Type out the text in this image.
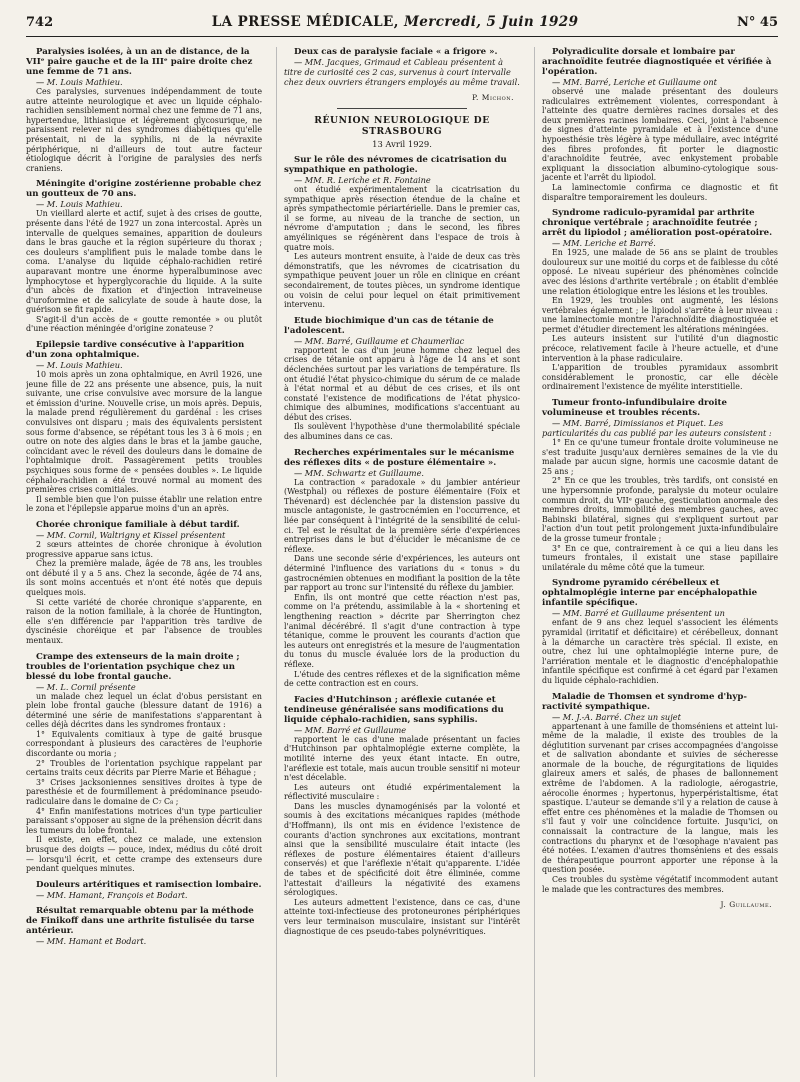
742	LA PRESSE MÉDICALE, Mercredi, 5 Juin 1929	N° 45

Paralysies isolées, à un an de distance, de la VIIᵉ paire gauche et de la IIIᵉ paire droite chez une femme de 71 ans.

— M. Louis Mathieu.

Ces paralysies, survenues indépendamment de toute autre atteinte neurologique et avec un liquide céphalo-rachidien sensiblement normal chez une femme de 71 ans, hypertendue, lithiasique et légèrement glycosurique, ne paraissent relever ni des syndromes diabétiques qu'elle présentait, ni de la syphilis, ni de la névraxite périphérique, ni d'ailleurs de tout autre facteur étiologique décrit à l'origine de paralysies des nerfs craniens.

Méningite d'origine zostérienne probable chez un goutteux de 70 ans.

— M. Louis Mathieu.

Un vieillard alerte et actif, sujet à des crises de goutte, présente dans l'été de 1927 un zona intercostal. Après un intervalle de quelques semaines, apparition de douleurs dans le bras gauche et la région supérieure du thorax ; ces douleurs s'amplifient puis le malade tombe dans le coma. L'analyse du liquide céphalo-rachidien retiré auparavant montre une énorme hyperalbuminose avec lymphocytose et hyperglycorachie du liquide. A la suite d'un abcès de fixation et d'injection intraveineuse d'uroformine et de salicylate de soude à haute dose, la guérison se fit rapide.

S'agit-il d'un accès de « goutte remontée » ou plutôt d'une réaction méningée d'origine zonateuse ?

Epilepsie tardive consécutive à l'apparition d'un zona ophtalmique.

— M. Louis Mathieu.

10 mois après un zona ophtalmique, en Avril 1926, une jeune fille de 22 ans présente une absence, puis, la nuit suivante, une crise convulsive avec morsure de la langue et émission d'urine. Nouvelle crise, un mois après. Depuis, la malade prend régulièrement du gardénal : les crises convulsives ont disparu ; mais des équivalents persistent sous forme d'absence, se répétant tous les 3 à 6 mois ; en outre on note des algies dans le bras et la jambe gauche, coïncidant avec le réveil des douleurs dans le domaine de l'ophtalmique droit. Passagèrement petits troubles psychiques sous forme de « pensées doubles ». Le liquide céphalo-rachidien a été trouvé normal au moment des premières crises comitiales.

Il semble bien que l'on puisse établir une relation entre le zona et l'épilepsie apparue moins d'un an après.

Chorée chronique familiale à début tardif.

— MM. Cornil, Waltrigny et Kissel présentent

2 sœurs atteintes de chorée chronique à évolution progressive apparue sans ictus.

Chez la première malade, âgée de 78 ans, les troubles ont débuté il y a 5 ans. Chez la seconde, âgée de 74 ans, ils sont moins accentués et n'ont été notés que depuis quelques mois.

Si cette variété de chorée chronique s'apparente, en raison de la notion familiale, à la chorée de Huntington, elle s'en différencie par l'apparition très tardive de dyscinésie choréique et par l'absence de troubles mentaux.

Crampe des extenseurs de la main droite ; troubles de l'orientation psychique chez un blessé du lobe frontal gauche.

— M. L. Cornil présente

un malade chez lequel un éclat d'obus persistant en plein lobe frontal gauche (blessure datant de 1916) a déterminé une série de manifestations s'apparentant à celles déjà décrites dans les syndromes frontaux :

1° Equivalents comitiaux à type de gaité brusque correspondant à plusieurs des caractères de l'euphorie discordante ou moria ;

2° Troubles de l'orientation psychique rappelant par certains traits ceux décrits par Pierre Marie et Béhague ;

3° Crises jacksoniennes sensitives droites à type de paresthésie et de fourmillement à prédominance pseudo-radiculaire dans le domaine de C₇ C₈ ;

4° Enfin manifestations motrices d'un type particulier paraissant s'opposer au signe de la préhension décrit dans les tumeurs du lobe frontal.

Il existe, en effet, chez ce malade, une extension brusque des doigts — pouce, index, médius du côté droit — lorsqu'il écrit, et cette crampe des extenseurs dure pendant quelques minutes.

Douleurs artéritiques et ramisection lombaire.

— MM. Hamant, François et Bodart.

Résultat remarquable obtenu par la méthode de Finikoff dans une arthrite fistulisée du tarse antérieur.

— MM. Hamant et Bodart.

Deux cas de paralysie faciale « a frigore ».

— MM. Jacques, Grimaud et Cableau présentent à titre de curiosité ces 2 cas, survenus à court intervalle chez deux ouvriers étrangers employés au même travail.

P. Michon.

RÉUNION NEUROLOGIQUE DE STRASBOURG

13 Avril 1929.

Sur le rôle des névromes de cicatrisation du sympathique en pathologie.

— MM. R. Leriche et R. Fontaine

ont étudié expérimentalement la cicatrisation du sympathique après résection étendue de la chaîne et après sympathectomie périartérielle. Dans le premier cas, il se forme, au niveau de la tranche de section, un névrome d'amputation ; dans le second, les fibres amyéliniques se régénèrent dans l'espace de trois à quatre mois.

Les auteurs montrent ensuite, à l'aide de deux cas très démonstratifs, que les névromes de cicatrisation du sympathique peuvent jouer un rôle en clinique en créant secondairement, de toutes pièces, un syndrome identique ou voisin de celui pour lequel on était primitivement intervenu.

Etude biochimique d'un cas de tétanie de l'adolescent.

— MM. Barré, Guillaume et Chaumerliac

rapportent le cas d'un jeune homme chez lequel des crises de tétanie ont apparu à l'âge de 14 ans et sont déclenchées surtout par les variations de température. Ils ont étudié l'état physico-chimique du sérum de ce malade à l'état normal et au début de ces crises, et ils ont constaté l'existence de modifications de l'état physico-chimique des albumines, modifications s'accentuant au début des crises.

Ils soulèvent l'hypothèse d'une thermolabilité spéciale des albumines dans ce cas.

Recherches expérimentales sur le mécanisme des réflexes dits « de posture élémentaire ».

— MM. Schwartz et Guillaume.

La contraction « paradoxale » du jambier antérieur (Westphal) ou réflexes de posture élémentaire (Foix et Thévenard) est déclenchée par la distension passive du muscle antagoniste, le gastrocnémien en l'occurrence, et liée par conséquent à l'intégrité de la sensibilité de celui-ci. Tel est le résultat de la première série d'expériences entreprises dans le but d'élucider le mécanisme de ce réflexe.

Dans une seconde série d'expériences, les auteurs ont déterminé l'influence des variations du « tonus » du gastrocnémien obtenues en modifiant la position de la tête par rapport au tronc sur l'intensité du réflexe du jambier.

Enfin, ils ont montré que cette réaction n'est pas, comme on l'a prétendu, assimilable à la « shortening et lengthening reaction » décrite par Sherrington chez l'animal décérébré. Il s'agit d'une contraction à type tétanique, comme le prouvent les courants d'action que les auteurs ont enregistrés et la mesure de l'augmentation du tonus du muscle évaluée lors de la production du réflexe.

L'étude des centres réflexes et de la signification même de cette contraction est en cours.

Facies d'Hutchinson ; aréflexie cutanée et tendineuse généralisée sans modifications du liquide céphalo-rachidien, sans syphilis.

— MM. Barré et Guillaume

rapportent le cas d'une malade présentant un facies d'Hutchinson par ophtalmoplégie externe complète, la motilité interne des yeux étant intacte. En outre, l'aréflexie est totale, mais aucun trouble sensitif ni moteur n'est décelable.

Les auteurs ont étudié expérimentalement la réflectivité musculaire :

Dans les muscles dynamogénisés par la volonté et soumis à des excitations mécaniques rapides (méthode d'Hoffmann), ils ont mis en évidence l'existence de courants d'action synchrones aux excitations, montrant ainsi que la sensibilité musculaire était intacte (les réflexes de posture élémentaires étaient d'ailleurs conservés) et que l'aréflexie n'était qu'apparente. L'idée de tabes et de spécificité doit être éliminée, comme l'attestait d'ailleurs la négativité des examens sérologiques.

Les auteurs admettent l'existence, dans ce cas, d'une atteinte toxi-infectieuse des protoneurones périphériques vers leur terminaison musculaire, insistant sur l'intérêt diagnostique de ces pseudo-tabes polynévritiques.

Polyradiculite dorsale et lombaire par arachnoïdite feutrée diagnostiquée et vérifiée à l'opération.

— MM. Barré, Leriche et Guillaume ont

observé une malade présentant des douleurs radiculaires extrêmement violentes, correspondant à l'atteinte des quatre dernières racines dorsales et des deux premières racines lombaires. Ceci, joint à l'absence de signes d'atteinte pyramidale et à l'existence d'une hypoesthésie très légère à type médullaire, avec intégrité des fibres profondes, fit porter le diagnostic d'arachnoïdite feutrée, avec enkystement probable expliquant la dissociation albumino-cytologique sous-jacente et l'arrêt du lipiodol.

La laminectomie confirma ce diagnostic et fit disparaître temporairement les douleurs.

Syndrome radiculo-pyramidal par arthrite chronique vertébrale ; arachnoïdite feutrée ; arrêt du lipiodol ; amélioration post-opératoire.

— MM. Leriche et Barré.

En 1925, une malade de 56 ans se plaint de troubles douloureux sur une moitié du corps et de faiblesse du côté opposé. Le niveau supérieur des phénomènes coïncide avec des lésions d'arthrite vertébrale ; on établit d'emblée une relation étiologique entre les lésions et les troubles.

En 1929, les troubles ont augmenté, les lésions vertébrales également ; le lipiodol s'arrête à leur niveau : une laminectomie montre l'arachnoïdite diagnostiquée et permet d'étudier directement les altérations méningées.

Les auteurs insistent sur l'utilité d'un diagnostic précoce, relativement facile à l'heure actuelle, et d'une intervention à la phase radiculaire.

L'apparition de troubles pyramidaux assombrit considérablement le pronostic, car elle décèle ordinairement l'existence de myélite interstitielle.

Tumeur fronto-infundibulaire droite volumineuse et troubles récents.

— MM. Barré, Dimissianos et Piquet. Les particularités du cas publié par les auteurs consistent :

1° En ce qu'une tumeur frontale droite volumineuse ne s'est traduite jusqu'aux dernières semaines de la vie du malade par aucun signe, hormis une cacosmie datant de 25 ans ;

2° En ce que les troubles, très tardifs, ont consisté en une hypersomnie profonde, paralysie du moteur oculaire commun droit, du VIIᵉ gauche, gesticulation anormale des membres droits, immobilité des membres gauches, avec Babinski bilatéral, signes qui s'expliquent surtout par l'action d'un tout petit prolongement juxta-infundibulaire de la grosse tumeur frontale ;

3° En ce que, contrairement à ce qui a lieu dans les tumeurs frontales, il existait une stase papillaire unilatérale du même côté que la tumeur.

Syndrome pyramido cérébelleux et ophtalmoplégie interne par encéphalopathie infantile spécifique.

— MM. Barré et Guillaume présentent un

enfant de 9 ans chez lequel s'associent les éléments pyramidal (irritatif et déficitaire) et cérébelleux, donnant à la démarche un caractère très spécial. Il existe, en outre, chez lui une ophtalmoplégie interne pure, de l'arriération mentale et le diagnostic d'encéphalopathie infantile spécifique est confirmé à cet égard par l'examen du liquide céphalo-rachidien.

Maladie de Thomsen et syndrome d'hyp-ractivité sympathique.

— M. J.-A. Barré. Chez un sujet

appartenant à une famille de thomséniens et atteint lui-même de la maladie, il existe des troubles de la déglutition survenant par crises accompagnées d'angoisse et de salivation abondante et suivies de sécheresse anormale de la bouche, de régurgitations de liquides glaireux amers et salés, de phases de ballonnement extrême de l'abdomen. A la radiologie, aérogastrie, aérocolie énormes ; hypertonus, hyperpéristaltisme, état spastique. L'auteur se demande s'il y a relation de cause à effet entre ces phénomènes et la maladie de Thomsen ou s'il faut y voir une coïncidence fortuite. Jusqu'ici, on connaissait la contracture de la langue, mais les contractions du pharynx et de l'œsophage n'avaient pas été notées. L'examen d'autres thomséniens et des essais de thérapeutique pourront apporter une réponse à la question posée.

Ces troubles du système végétatif incommodent autant le malade que les contractures des membres.

J. Guillaume.
